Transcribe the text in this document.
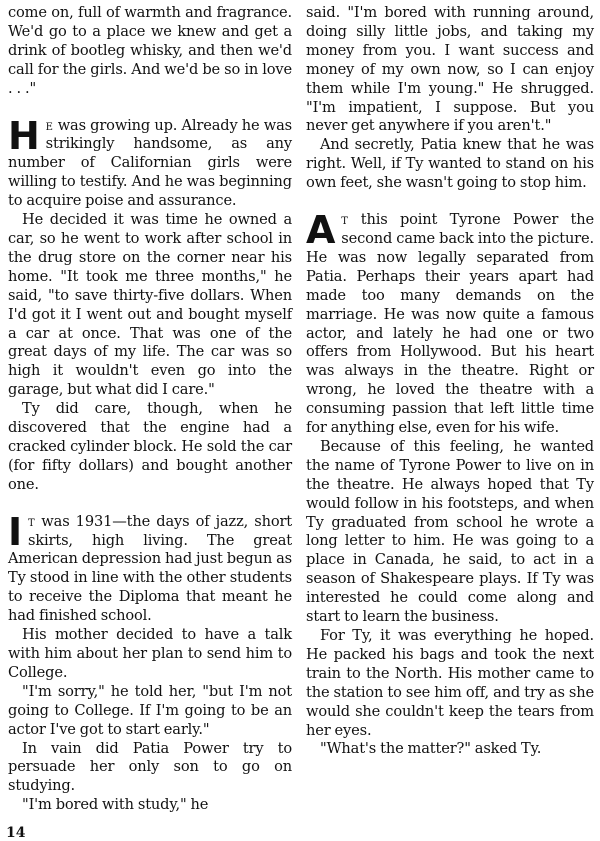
come on, full of warmth and fragrance. We'd go to a place we knew and get a drink of bootleg whisky, and then we'd call for the girls. And we'd be so in love . . ."

He was growing up. Already he was strikingly handsome, as any number of Californian girls were willing to testify. And he was beginning to acquire poise and assurance.

He decided it was time he owned a car, so he went to work after school in the drug store on the corner near his home. "It took me three months," he said, "to save thirty-five dollars. When I'd got it I went out and bought myself a car at once. That was one of the great days of my life. The car was so high it wouldn't even go into the garage, but what did I care."

Ty did care, though, when he discovered that the engine had a cracked cylinder block. He sold the car (for fifty dollars) and bought another one.

It was 1931—the days of jazz, short skirts, high living. The great American depression had just begun as Ty stood in line with the other students to receive the Diploma that meant he had finished school.

His mother decided to have a talk with him about her plan to send him to College.

"I'm sorry," he told her, "but I'm not going to College. If I'm going to be an actor I've got to start early."

In vain did Patia Power try to persuade her only son to go on studying.

"I'm bored with study," he

said. "I'm bored with running around, doing silly little jobs, and taking my money from you. I want success and money of my own now, so I can enjoy them while I'm young." He shrugged. "I'm impatient, I suppose. But you never get anywhere if you aren't."

And secretly, Patia knew that he was right. Well, if Ty wanted to stand on his own feet, she wasn't going to stop him.

At this point Tyrone Power the second came back into the picture. He was now legally separated from Patia. Perhaps their years apart had made too many demands on the marriage. He was now quite a famous actor, and lately he had one or two offers from Hollywood. But his heart was always in the theatre. Right or wrong, he loved the theatre with a consuming passion that left little time for anything else, even for his wife.

Because of this feeling, he wanted the name of Tyrone Power to live on in the theatre. He always hoped that Ty would follow in his footsteps, and when Ty graduated from school he wrote a long letter to him. He was going to a place in Canada, he said, to act in a season of Shakespeare plays. If Ty was interested he could come along and start to learn the business.

For Ty, it was everything he hoped. He packed his bags and took the next train to the North. His mother came to the station to see him off, and try as she would she couldn't keep the tears from her eyes.

"What's the matter?" asked Ty.

14
